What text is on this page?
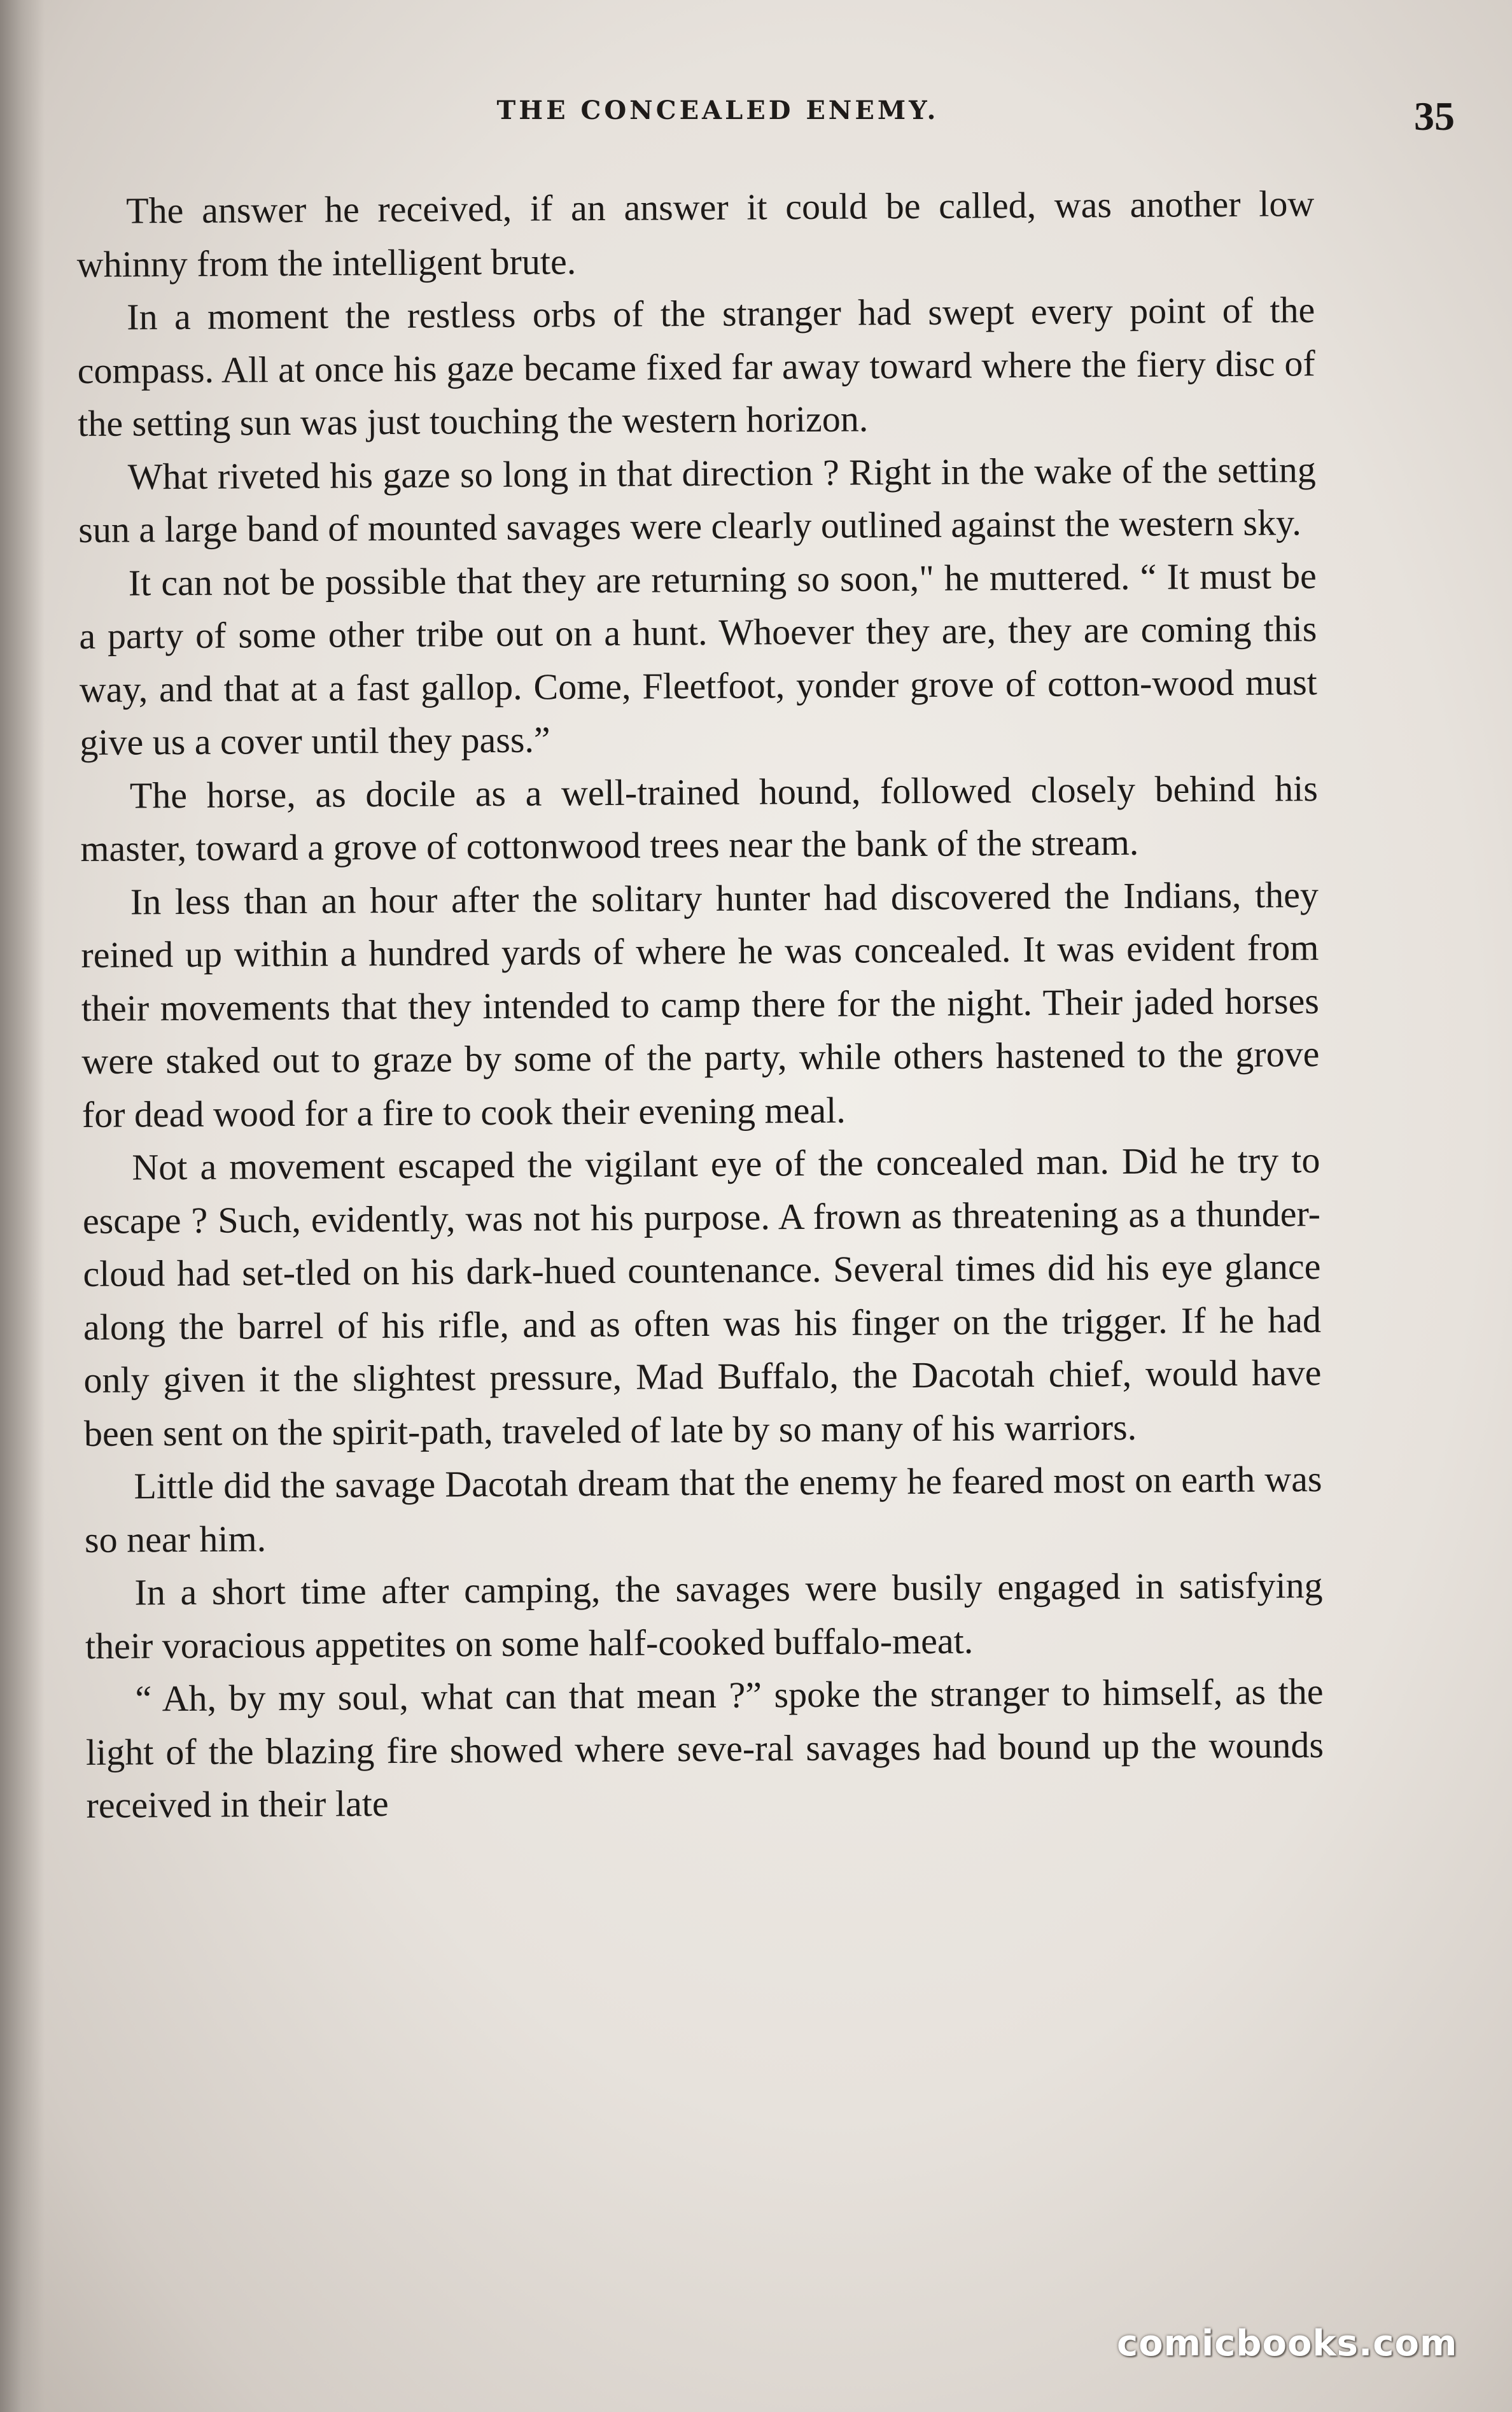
THE CONCEALED ENEMY.	35

The answer he received, if an answer it could be called, was another low whinny from the intelligent brute.

In a moment the restless orbs of the stranger had swept every point of the compass. All at once his gaze became fixed far away toward where the fiery disc of the setting sun was just touching the western horizon.

What riveted his gaze so long in that direction ? Right in the wake of the setting sun a large band of mounted savages were clearly outlined against the western sky.

It can not be possible that they are returning so soon," he muttered. “ It must be a party of some other tribe out on a hunt. Whoever they are, they are coming this way, and that at a fast gallop. Come, Fleetfoot, yonder grove of cotton-wood must give us a cover until they pass.”

The horse, as docile as a well-trained hound, followed closely behind his master, toward a grove of cottonwood trees near the bank of the stream.

In less than an hour after the solitary hunter had discovered the Indians, they reined up within a hundred yards of where he was concealed. It was evident from their movements that they intended to camp there for the night. Their jaded horses were staked out to graze by some of the party, while others hastened to the grove for dead wood for a fire to cook their evening meal.

Not a movement escaped the vigilant eye of the concealed man. Did he try to escape ? Such, evidently, was not his purpose. A frown as threatening as a thunder-cloud had set-tled on his dark-hued countenance. Several times did his eye glance along the barrel of his rifle, and as often was his finger on the trigger. If he had only given it the slightest pressure, Mad Buffalo, the Dacotah chief, would have been sent on the spirit-path, traveled of late by so many of his warriors.

Little did the savage Dacotah dream that the enemy he feared most on earth was so near him.

In a short time after camping, the savages were busily engaged in satisfying their voracious appetites on some half-cooked buffalo-meat.

“ Ah, by my soul, what can that mean ?” spoke the stranger to himself, as the light of the blazing fire showed where seve-ral savages had bound up the wounds received in their late

comicbooks.com
